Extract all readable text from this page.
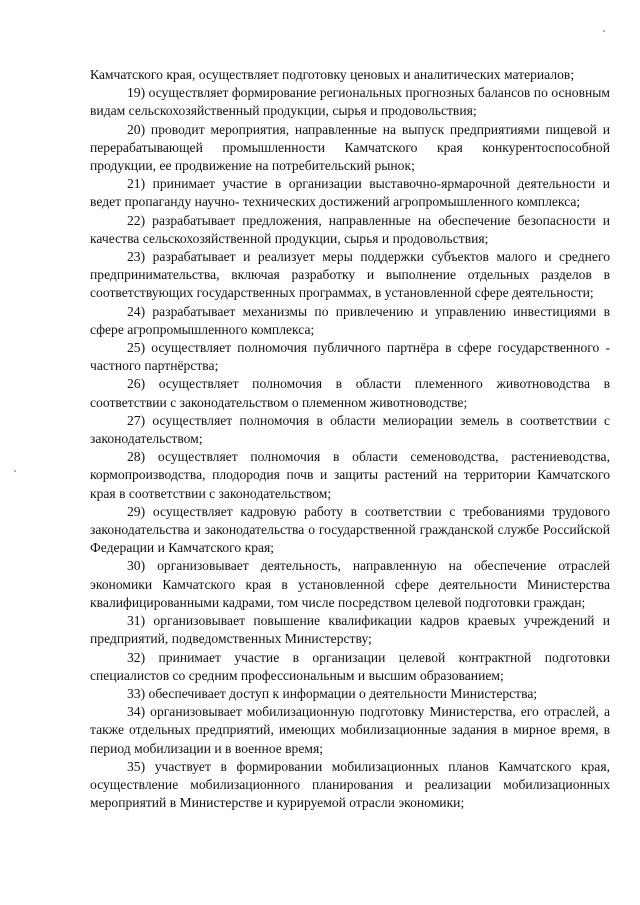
Камчатского края, осуществляет подготовку ценовых и аналитических материалов;

19) осуществляет формирование региональных прогнозных балансов по основным видам сельскохозяйственный продукции, сырья и продовольствия;

20) проводит мероприятия, направленные на выпуск предприятиями пищевой и перерабатывающей промышленности Камчатского края конкурентоспособной продукции, ее продвижение на потребительский рынок;

21) принимает участие в организации выставочно-ярмарочной деятельности и ведет пропаганду научно- технических достижений агропромышленного комплекса;

22) разрабатывает предложения, направленные на обеспечение безопасности и качества сельскохозяйственной продукции, сырья и продовольствия;

23) разрабатывает и реализует меры поддержки субъектов малого и среднего предпринимательства, включая разработку и выполнение отдельных разделов в соответствующих государственных программах, в установленной сфере деятельности;

24) разрабатывает механизмы по привлечению и управлению инвестициями в сфере агропромышленного комплекса;

25) осуществляет полномочия публичного партнёра в сфере государственного - частного партнёрства;

26) осуществляет полномочия в области племенного животноводства в соответствии с законодательством о племенном животноводстве;

27) осуществляет полномочия в области мелиорации земель в соответствии с законодательством;

28) осуществляет полномочия в области семеноводства, растениеводства, кормопроизводства, плодородия почв и защиты растений на территории Камчатского края в соответствии с законодательством;

29) осуществляет кадровую работу в соответствии с требованиями трудового законодательства и законодательства о государственной гражданской службе Российской Федерации и Камчатского края;

30) организовывает деятельность, направленную на обеспечение отраслей экономики Камчатского края в установленной сфере деятельности Министерства квалифицированными кадрами, том числе посредством целевой подготовки граждан;

31) организовывает повышение квалификации кадров краевых учреждений и предприятий, подведомственных Министерству;

32) принимает участие в организации целевой контрактной подготовки специалистов со средним профессиональным и высшим образованием;

33) обеспечивает доступ к информации о деятельности Министерства;

34) организовывает мобилизационную подготовку Министерства, его отраслей, а также отдельных предприятий, имеющих мобилизационные задания в мирное время, в период мобилизации и в военное время;

35) участвует в формировании мобилизационных планов Камчатского края, осуществление мобилизационного планирования и реализации мобилизационных мероприятий в Министерстве и курируемой отрасли экономики;
